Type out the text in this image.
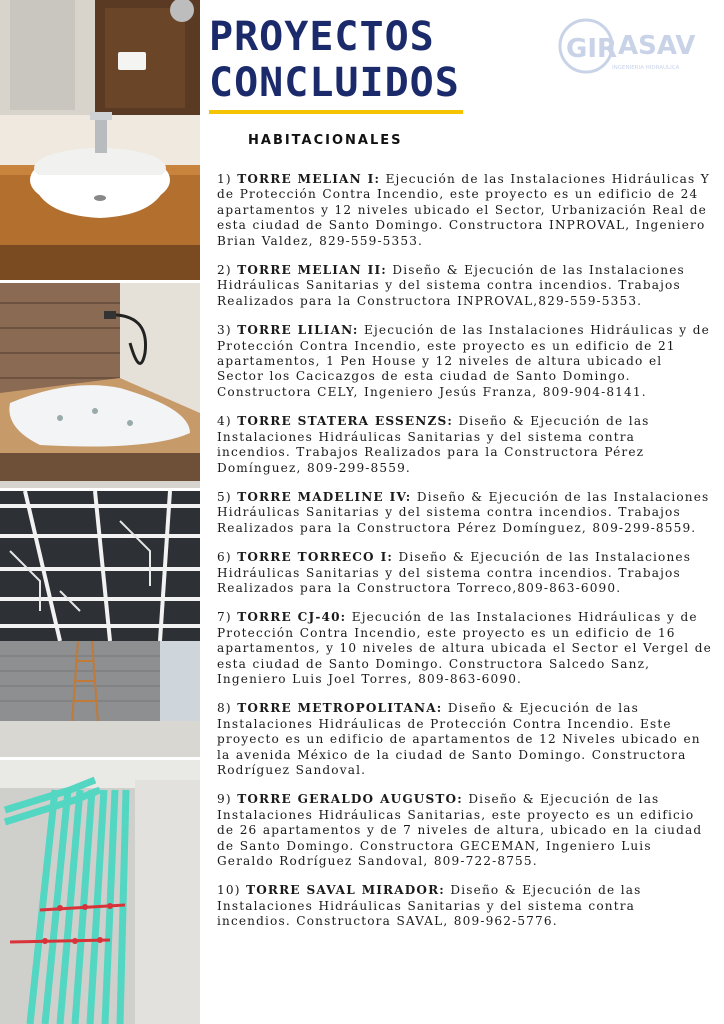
PROYECTOS
CONCLUIDOS
GIR ASAV
INGENIERIA HIDRAULICA
HABITACIONALES
1) TORRE MELIAN I: Ejecución de las Instalaciones Hidráulicas Y de Protección Contra Incendio, este proyecto es un edificio de 24 apartamentos y 12 niveles ubicado el Sector, Urbanización Real de esta ciudad de Santo Domingo. Constructora INPROVAL, Ingeniero Brian Valdez, 829-559-5353.
2) TORRE MELIAN II: Diseño & Ejecución de las Instalaciones Hidráulicas Sanitarias y del sistema contra incendios. Trabajos Realizados para la Constructora INPROVAL,829-559-5353.
3) TORRE LILIAN: Ejecución de las Instalaciones Hidráulicas y de Protección Contra Incendio, este proyecto es un edificio de 21 apartamentos, 1 Pen House y 12 niveles de altura ubicado el Sector los Cacicazgos de esta ciudad de Santo Domingo. Constructora CELY, Ingeniero Jesús Franza, 809-904-8141.
4) TORRE STATERA ESSENZS: Diseño & Ejecución de las Instalaciones Hidráulicas Sanitarias y del sistema contra incendios. Trabajos Realizados para la Constructora Pérez Domínguez, 809-299-8559.
5) TORRE MADELINE IV: Diseño & Ejecución de las Instalaciones Hidráulicas Sanitarias y del sistema contra incendios. Trabajos Realizados para la Constructora Pérez Domínguez, 809-299-8559.
6) TORRE TORRECO I: Diseño & Ejecución de las Instalaciones Hidráulicas Sanitarias y del sistema contra incendios. Trabajos Realizados para la Constructora Torreco,809-863-6090.
7) TORRE CJ-40: Ejecución de las Instalaciones Hidráulicas y de Protección Contra Incendio, este proyecto es un edificio de 16 apartamentos, y 10 niveles de altura ubicada el Sector el Vergel de esta ciudad de Santo Domingo. Constructora Salcedo Sanz, Ingeniero Luis Joel Torres, 809-863-6090.
8) TORRE METROPOLITANA: Diseño & Ejecución de las Instalaciones Hidráulicas de Protección Contra Incendio. Este proyecto es un edificio de apartamentos de 12 Niveles ubicado en la avenida México de la ciudad de Santo Domingo. Constructora Rodríguez Sandoval.
9) TORRE GERALDO AUGUSTO: Diseño & Ejecución de las Instalaciones Hidráulicas Sanitarias, este proyecto es un edificio de 26 apartamentos y de 7 niveles de altura, ubicado en la ciudad de Santo Domingo. Constructora GECEMAN, Ingeniero Luis Geraldo Rodríguez Sandoval, 809-722-8755.
10) TORRE SAVAL MIRADOR: Diseño & Ejecución de las Instalaciones Hidráulicas Sanitarias y del sistema contra incendios. Constructora SAVAL, 809-962-5776.
